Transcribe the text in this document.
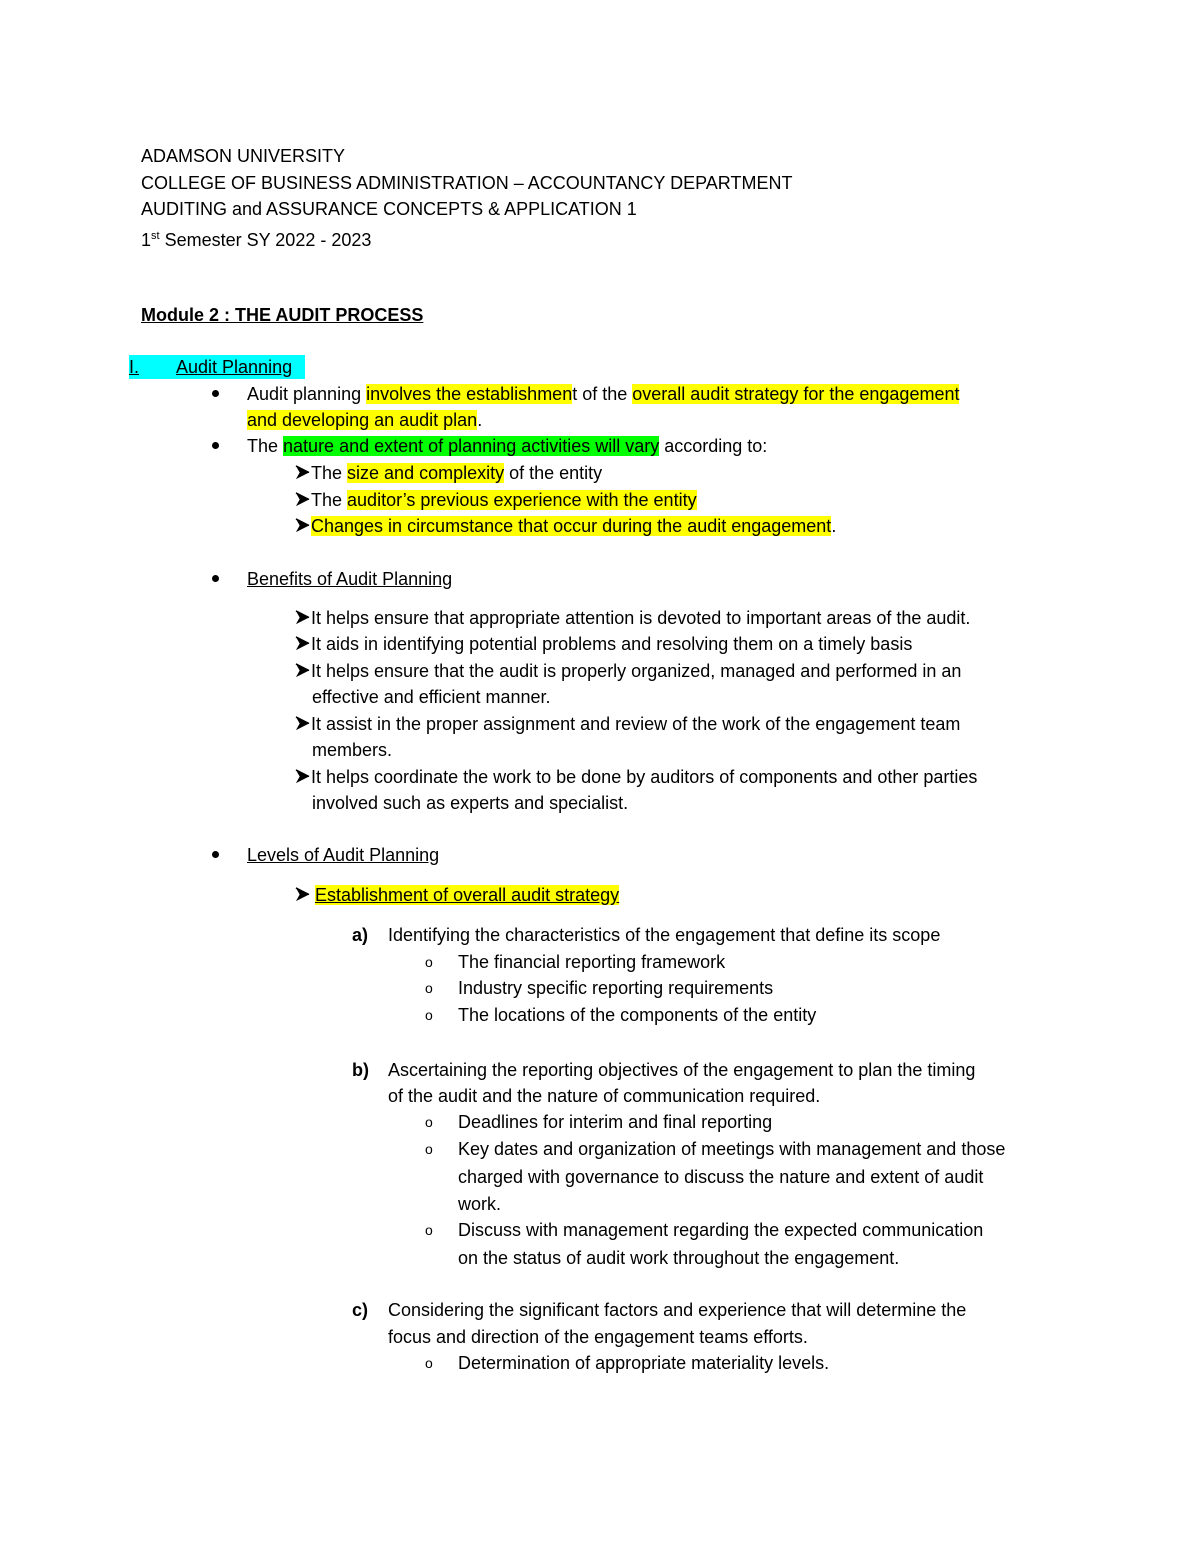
ADAMSON UNIVERSITY
COLLEGE OF BUSINESS ADMINISTRATION – ACCOUNTANCY DEPARTMENT
AUDITING and ASSURANCE CONCEPTS & APPLICATION 1
1st Semester SY 2022 - 2023
Module 2 : THE AUDIT PROCESS
I. Audit Planning
Audit planning involves the establishment of the overall audit strategy for the engagement
and developing an audit plan.
The nature and extent of planning activities will vary according to:
The size and complexity of the entity
The auditor’s previous experience with the entity
Changes in circumstance that occur during the audit engagement.
Benefits of Audit Planning
It helps ensure that appropriate attention is devoted to important areas of the audit.
It aids in identifying potential problems and resolving them on a timely basis
It helps ensure that the audit is properly organized, managed and performed in an
effective and efficient manner.
It assist in the proper assignment and review of the work of the engagement team
members.
It helps coordinate the work to be done by auditors of components and other parties
involved such as experts and specialist.
Levels of Audit Planning
Establishment of overall audit strategy
a) Identifying the characteristics of the engagement that define its scope
o The financial reporting framework
o Industry specific reporting requirements
o The locations of the components of the entity
b) Ascertaining the reporting objectives of the engagement to plan the timing
of the audit and the nature of communication required.
o Deadlines for interim and final reporting
o Key dates and organization of meetings with management and those
charged with governance to discuss the nature and extent of audit
work.
o Discuss with management regarding the expected communication
on the status of audit work throughout the engagement.
c) Considering the significant factors and experience that will determine the
focus and direction of the engagement teams efforts.
o Determination of appropriate materiality levels.
